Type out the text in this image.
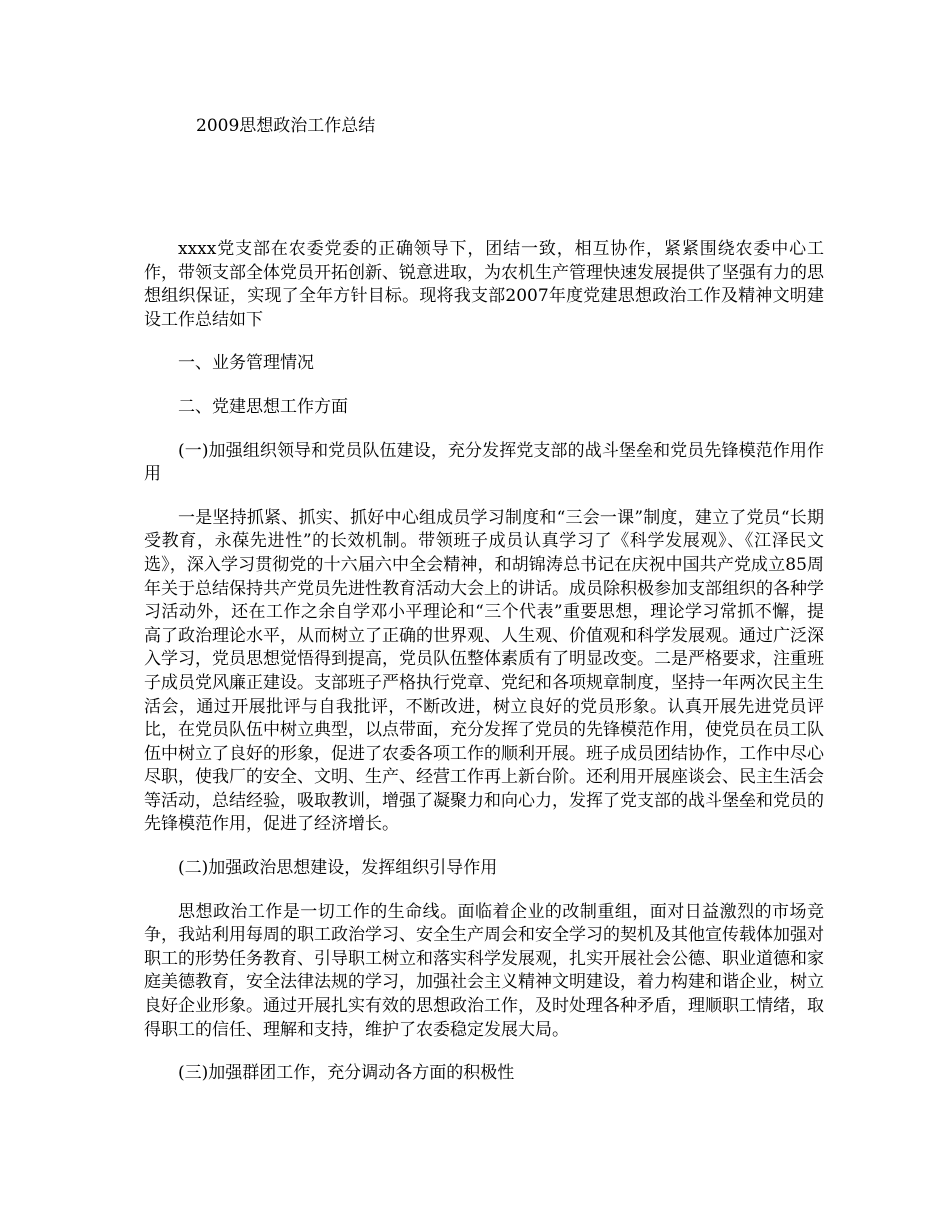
2009思想政治工作总结

xxxx党支部在农委党委的正确领导下，团结一致，相互协作，紧紧围绕农委中心工作，带领支部全体党员开拓创新、锐意进取，为农机生产管理快速发展提供了坚强有力的思想组织保证，实现了全年方针目标。现将我支部2007年度党建思想政治工作及精神文明建设工作总结如下

一、业务管理情况

二、党建思想工作方面

(一)加强组织领导和党员队伍建设，充分发挥党支部的战斗堡垒和党员先锋模范作用作用

一是坚持抓紧、抓实、抓好中心组成员学习制度和“三会一课”制度，建立了党员“长期受教育，永葆先进性”的长效机制。带领班子成员认真学习了《科学发展观》、《江泽民文选》，深入学习贯彻党的十六届六中全会精神，和胡锦涛总书记在庆祝中国共产党成立85周年关于总结保持共产党员先进性教育活动大会上的讲话。成员除积极参加支部组织的各种学习活动外，还在工作之余自学邓小平理论和“三个代表”重要思想，理论学习常抓不懈，提高了政治理论水平，从而树立了正确的世界观、人生观、价值观和科学发展观。通过广泛深入学习，党员思想觉悟得到提高，党员队伍整体素质有了明显改变。二是严格要求，注重班子成员党风廉正建设。支部班子严格执行党章、党纪和各项规章制度，坚持一年两次民主生活会，通过开展批评与自我批评，不断改进，树立良好的党员形象。认真开展先进党员评比，在党员队伍中树立典型，以点带面，充分发挥了党员的先锋模范作用，使党员在员工队伍中树立了良好的形象，促进了农委各项工作的顺利开展。班子成员团结协作，工作中尽心尽职，使我厂的安全、文明、生产、经营工作再上新台阶。还利用开展座谈会、民主生活会等活动，总结经验，吸取教训，增强了凝聚力和向心力，发挥了党支部的战斗堡垒和党员的先锋模范作用，促进了经济增长。

(二)加强政治思想建设，发挥组织引导作用

思想政治工作是一切工作的生命线。面临着企业的改制重组，面对日益激烈的市场竞争，我站利用每周的职工政治学习、安全生产周会和安全学习的契机及其他宣传载体加强对职工的形势任务教育、引导职工树立和落实科学发展观，扎实开展社会公德、职业道德和家庭美德教育，安全法律法规的学习，加强社会主义精神文明建设，着力构建和谐企业，树立良好企业形象。通过开展扎实有效的思想政治工作，及时处理各种矛盾，理顺职工情绪，取得职工的信任、理解和支持，维护了农委稳定发展大局。

(三)加强群团工作，充分调动各方面的积极性
